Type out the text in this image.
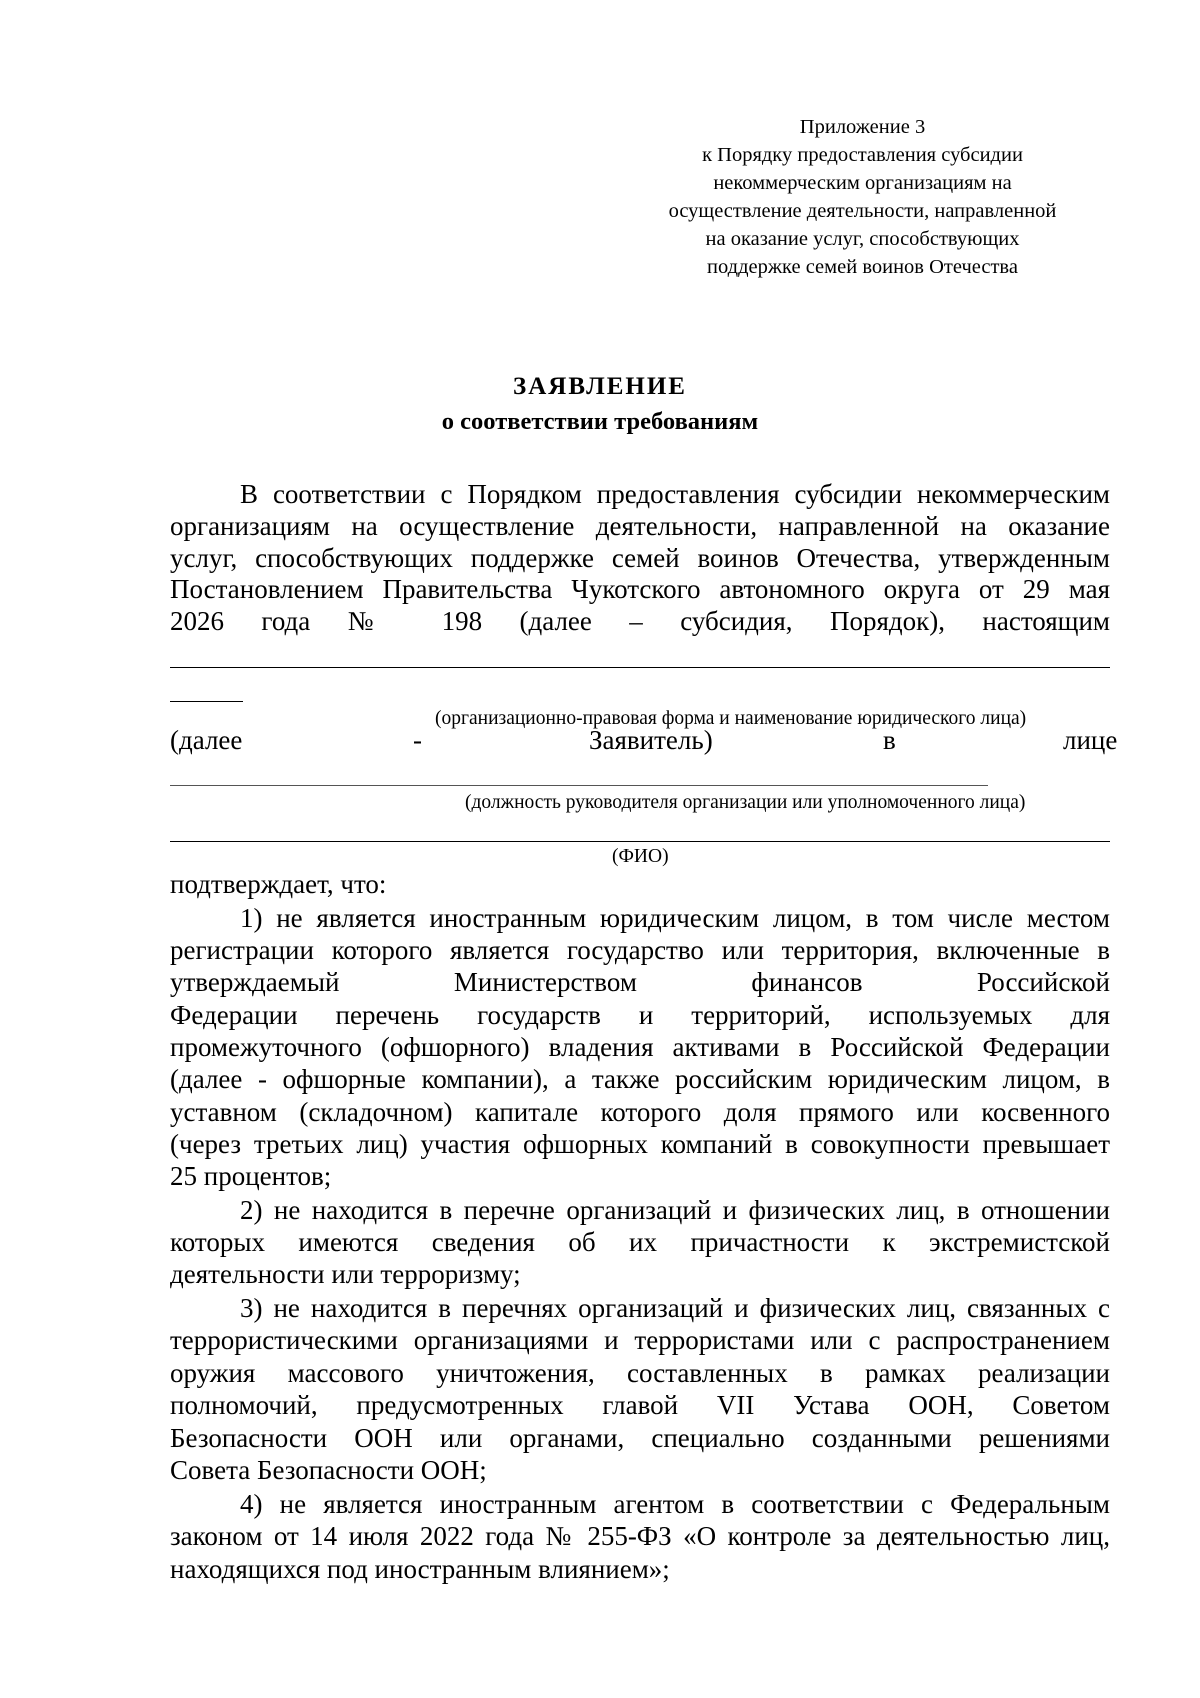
Приложение 3
к Порядку предоставления субсидии
некоммерческим организациям на
осуществление деятельности, направленной
на оказание услуг, способствующих
поддержке семей воинов Отечества
ЗАЯВЛЕНИЕ
о соответствии требованиям
В соответствии с Порядком предоставления субсидии некоммерческим
организациям на осуществление деятельности, направленной на оказание
услуг, способствующих поддержке семей воинов Отечества, утвержденным
Постановлением Правительства Чукотского автономного округа от 29 мая
2026 года № 198 (далее – субсидия, Порядок), настоящим
(организационно-правовая форма и наименование юридического лица)
(далее	-	Заявитель)	в	лице
(должность руководителя организации или уполномоченного лица)
(ФИО)
подтверждает, что:
1) не является иностранным юридическим лицом, в том числе местом
регистрации которого является государство или территория, включенные в
утверждаемый Министерством финансов Российской
Федерации перечень государств и территорий, используемых для
промежуточного (офшорного) владения активами в Российской Федерации
(далее - офшорные компании), а также российским юридическим лицом, в
уставном (складочном) капитале которого доля прямого или косвенного
(через третьих лиц) участия офшорных компаний в совокупности превышает
25 процентов;
2) не находится в перечне организаций и физических лиц, в отношении
которых имеются сведения об их причастности к экстремистской
деятельности или терроризму;
3) не находится в перечнях организаций и физических лиц, связанных с
террористическими организациями и террористами или с распространением
оружия массового уничтожения, составленных в рамках реализации
полномочий, предусмотренных главой VII Устава ООН, Советом
Безопасности ООН или органами, специально созданными решениями
Совета Безопасности ООН;
4) не является иностранным агентом в соответствии с Федеральным
законом от 14 июля 2022 года № 255-ФЗ «О контроле за деятельностью лиц,
находящихся под иностранным влиянием»;
